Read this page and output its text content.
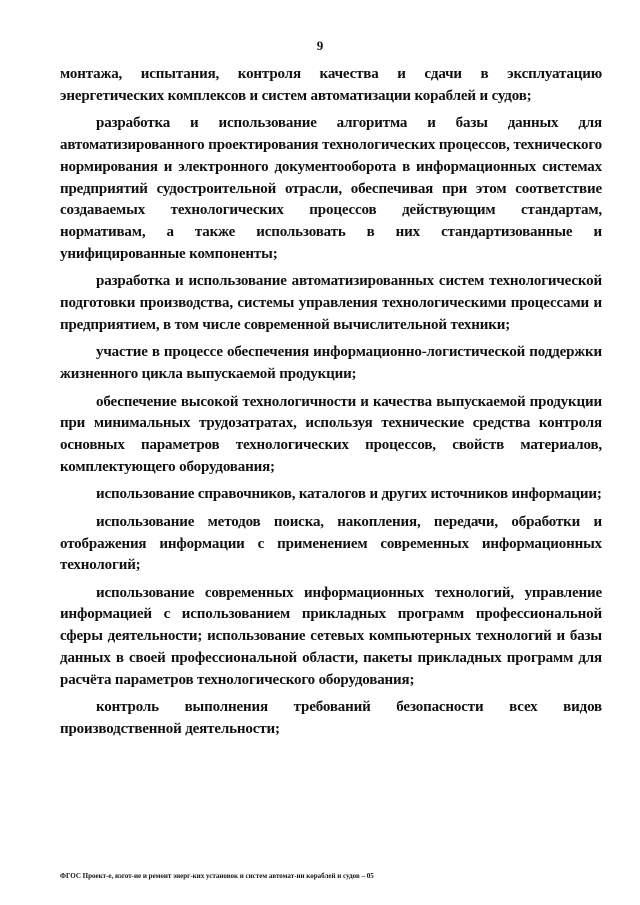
9

монтажа, испытания, контроля качества и сдачи в эксплуатацию энергетических комплексов и систем автоматизации кораблей и судов;

разработка и использование алгоритма и базы данных для автоматизированного проектирования технологических процессов, технического нормирования и электронного документооборота в информационных системах предприятий судостроительной отрасли, обеспечивая при этом соответствие создаваемых технологических процессов действующим стандартам, нормативам, а также использовать в них стандартизованные и унифицированные компоненты;

разработка и использование автоматизированных систем технологической подготовки производства, системы управления технологическими процессами и предприятием, в том числе современной вычислительной техники;

участие в процессе обеспечения информационно-логистической поддержки жизненного цикла выпускаемой продукции;

обеспечение высокой технологичности и качества выпускаемой продукции при минимальных трудозатратах, используя технические средства контроля основных параметров технологических процессов, свойств материалов, комплектующего оборудования;

использование справочников, каталогов и других источников информации;

использование методов поиска, накопления, передачи, обработки и отображения информации с применением современных информационных технологий;

использование современных информационных технологий, управление информацией с использованием прикладных программ профессиональной сферы деятельности; использование сетевых компьютерных технологий и базы данных в своей профессиональной области, пакеты прикладных программ для расчёта параметров технологического оборудования;

контроль выполнения требований безопасности всех видов производственной деятельности;

ФГОС Проект-е, изгот-ие и ремонт энерг-ких установок и систем автомат-ии кораблей и судов – 05
